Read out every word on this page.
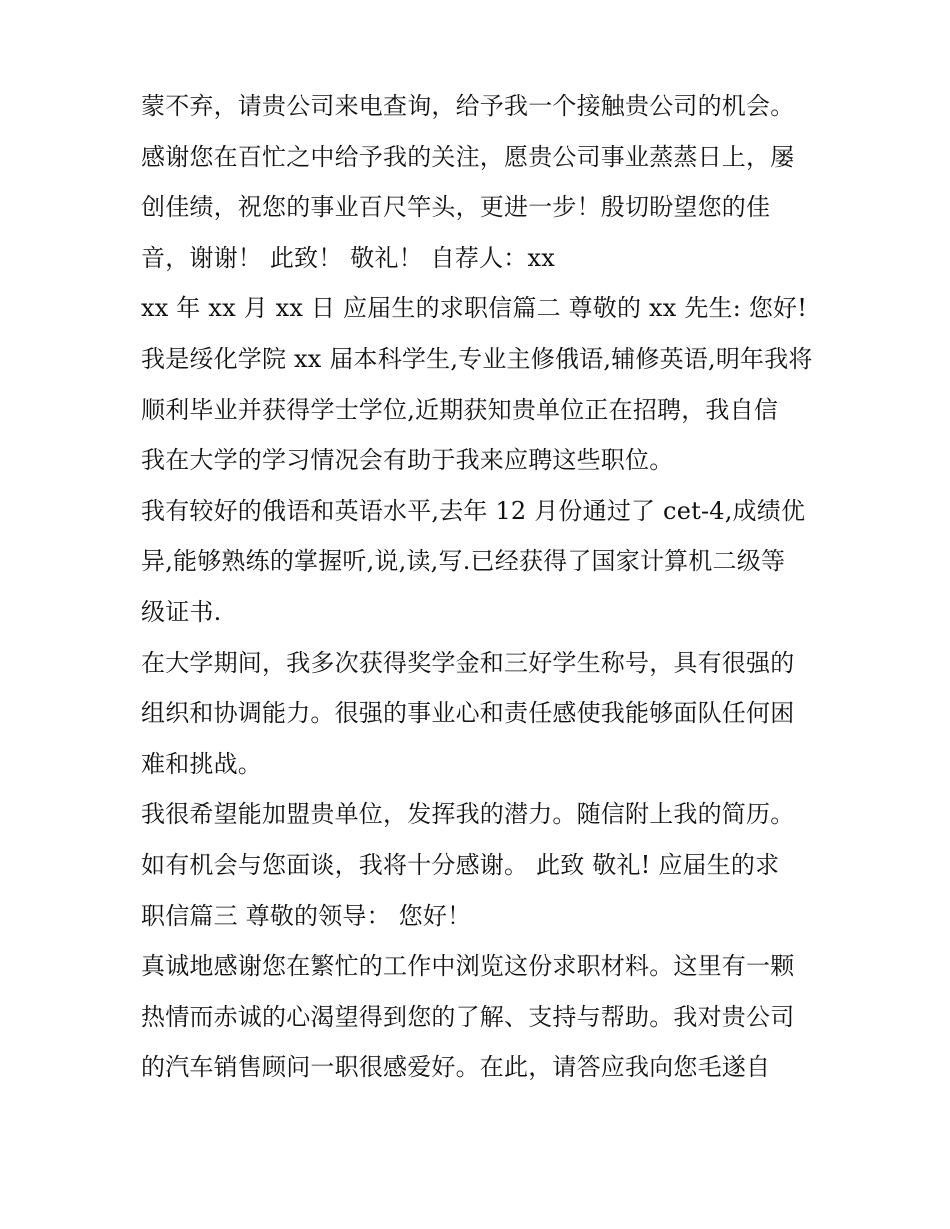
蒙不弃，请贵公司来电查询，给予我一个接触贵公司的机会。
感谢您在百忙之中给予我的关注，愿贵公司事业蒸蒸日上，屡
创佳绩，祝您的事业百尺竿头，更进一步！殷切盼望您的佳
音，谢谢！ 此致！ 敬礼！ 自荐人：xx
xx 年 xx 月 xx 日 应届生的求职信篇二 尊敬的 xx 先生: 您好!
我是绥化学院 xx 届本科学生,专业主修俄语,辅修英语,明年我将
顺利毕业并获得学士学位,近期获知贵单位正在招聘，我自信
我在大学的学习情况会有助于我来应聘这些职位。
我有较好的俄语和英语水平,去年 12 月份通过了 cet-4,成绩优
异,能够熟练的掌握听,说,读,写.已经获得了国家计算机二级等
级证书.
在大学期间，我多次获得奖学金和三好学生称号，具有很强的
组织和协调能力。很强的事业心和责任感使我能够面队任何困
难和挑战。
我很希望能加盟贵单位，发挥我的潜力。随信附上我的简历。
如有机会与您面谈，我将十分感谢。 此致 敬礼! 应届生的求
职信篇三 尊敬的领导： 您好！
真诚地感谢您在繁忙的工作中浏览这份求职材料。这里有一颗
热情而赤诚的心渴望得到您的了解、支持与帮助。我对贵公司
的汽车销售顾问一职很感爱好。在此，请答应我向您毛遂自
